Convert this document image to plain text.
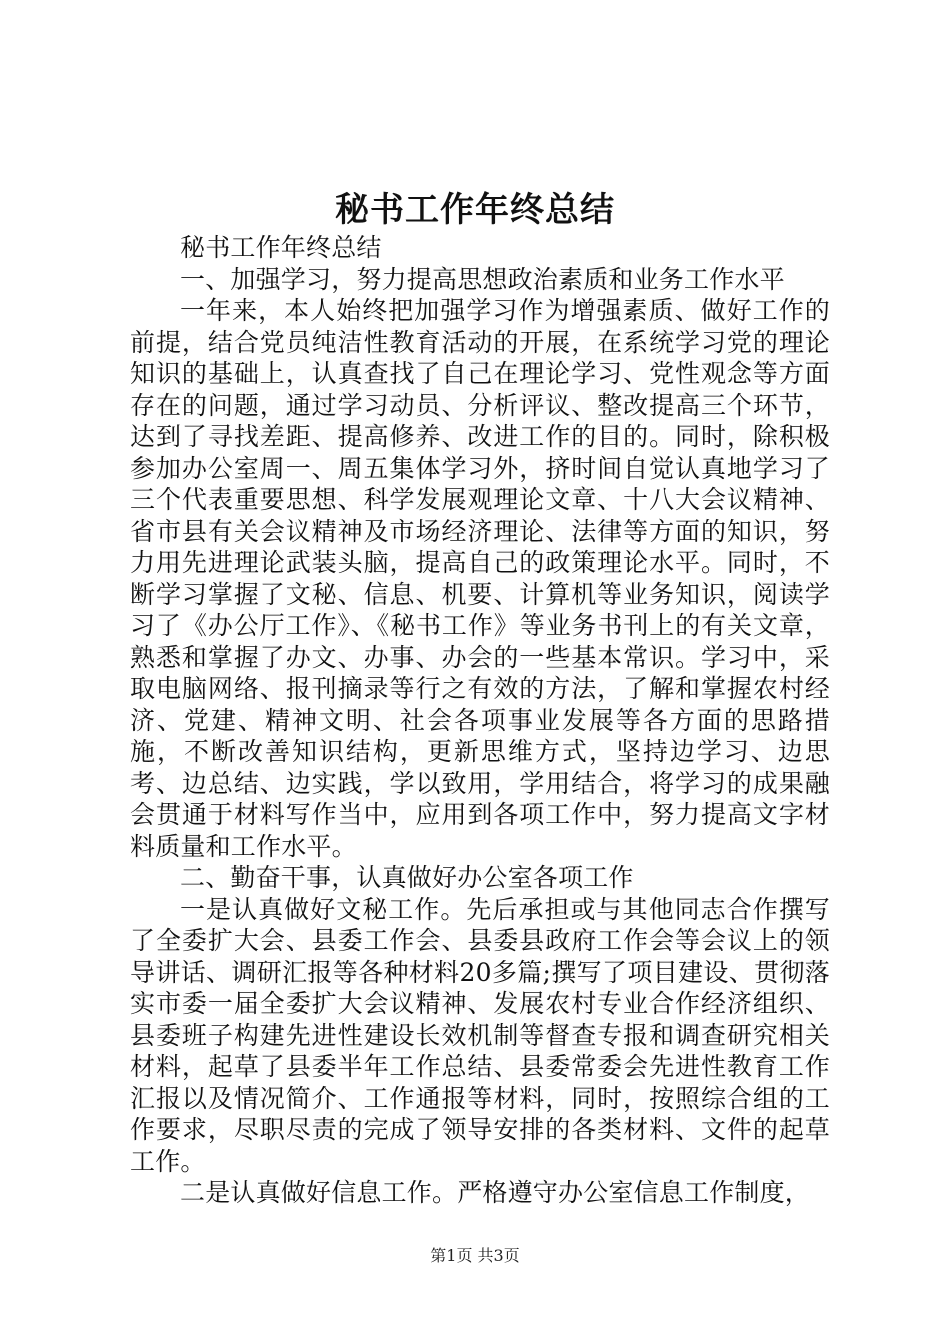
秘书工作年终总结

秘书工作年终总结

一、加强学习，努力提高思想政治素质和业务工作水平

一年来，本人始终把加强学习作为增强素质、做好工作的前提，结合党员纯洁性教育活动的开展，在系统学习党的理论知识的基础上，认真查找了自己在理论学习、党性观念等方面存在的问题，通过学习动员、分析评议、整改提高三个环节，达到了寻找差距、提高修养、改进工作的目的。同时，除积极参加办公室周一、周五集体学习外，挤时间自觉认真地学习了三个代表重要思想、科学发展观理论文章、十八大会议精神、省市县有关会议精神及市场经济理论、法律等方面的知识，努力用先进理论武装头脑，提高自己的政策理论水平。同时，不断学习掌握了文秘、信息、机要、计算机等业务知识，阅读学习了《办公厅工作》、《秘书工作》等业务书刊上的有关文章，熟悉和掌握了办文、办事、办会的一些基本常识。学习中，采取电脑网络、报刊摘录等行之有效的方法，了解和掌握农村经济、党建、精神文明、社会各项事业发展等各方面的思路措施，不断改善知识结构，更新思维方式，坚持边学习、边思考、边总结、边实践，学以致用，学用结合，将学习的成果融会贯通于材料写作当中，应用到各项工作中，努力提高文字材料质量和工作水平。

二、勤奋干事，认真做好办公室各项工作

一是认真做好文秘工作。先后承担或与其他同志合作撰写了全委扩大会、县委工作会、县委县政府工作会等会议上的领导讲话、调研汇报等各种材料20多篇;撰写了项目建设、贯彻落实市委一届全委扩大会议精神、发展农村专业合作经济组织、县委班子构建先进性建设长效机制等督查专报和调查研究相关材料，起草了县委半年工作总结、县委常委会先进性教育工作汇报以及情况简介、工作通报等材料，同时，按照综合组的工作要求，尽职尽责的完成了领导安排的各类材料、文件的起草工作。

二是认真做好信息工作。严格遵守办公室信息工作制度，

第1页 共3页
